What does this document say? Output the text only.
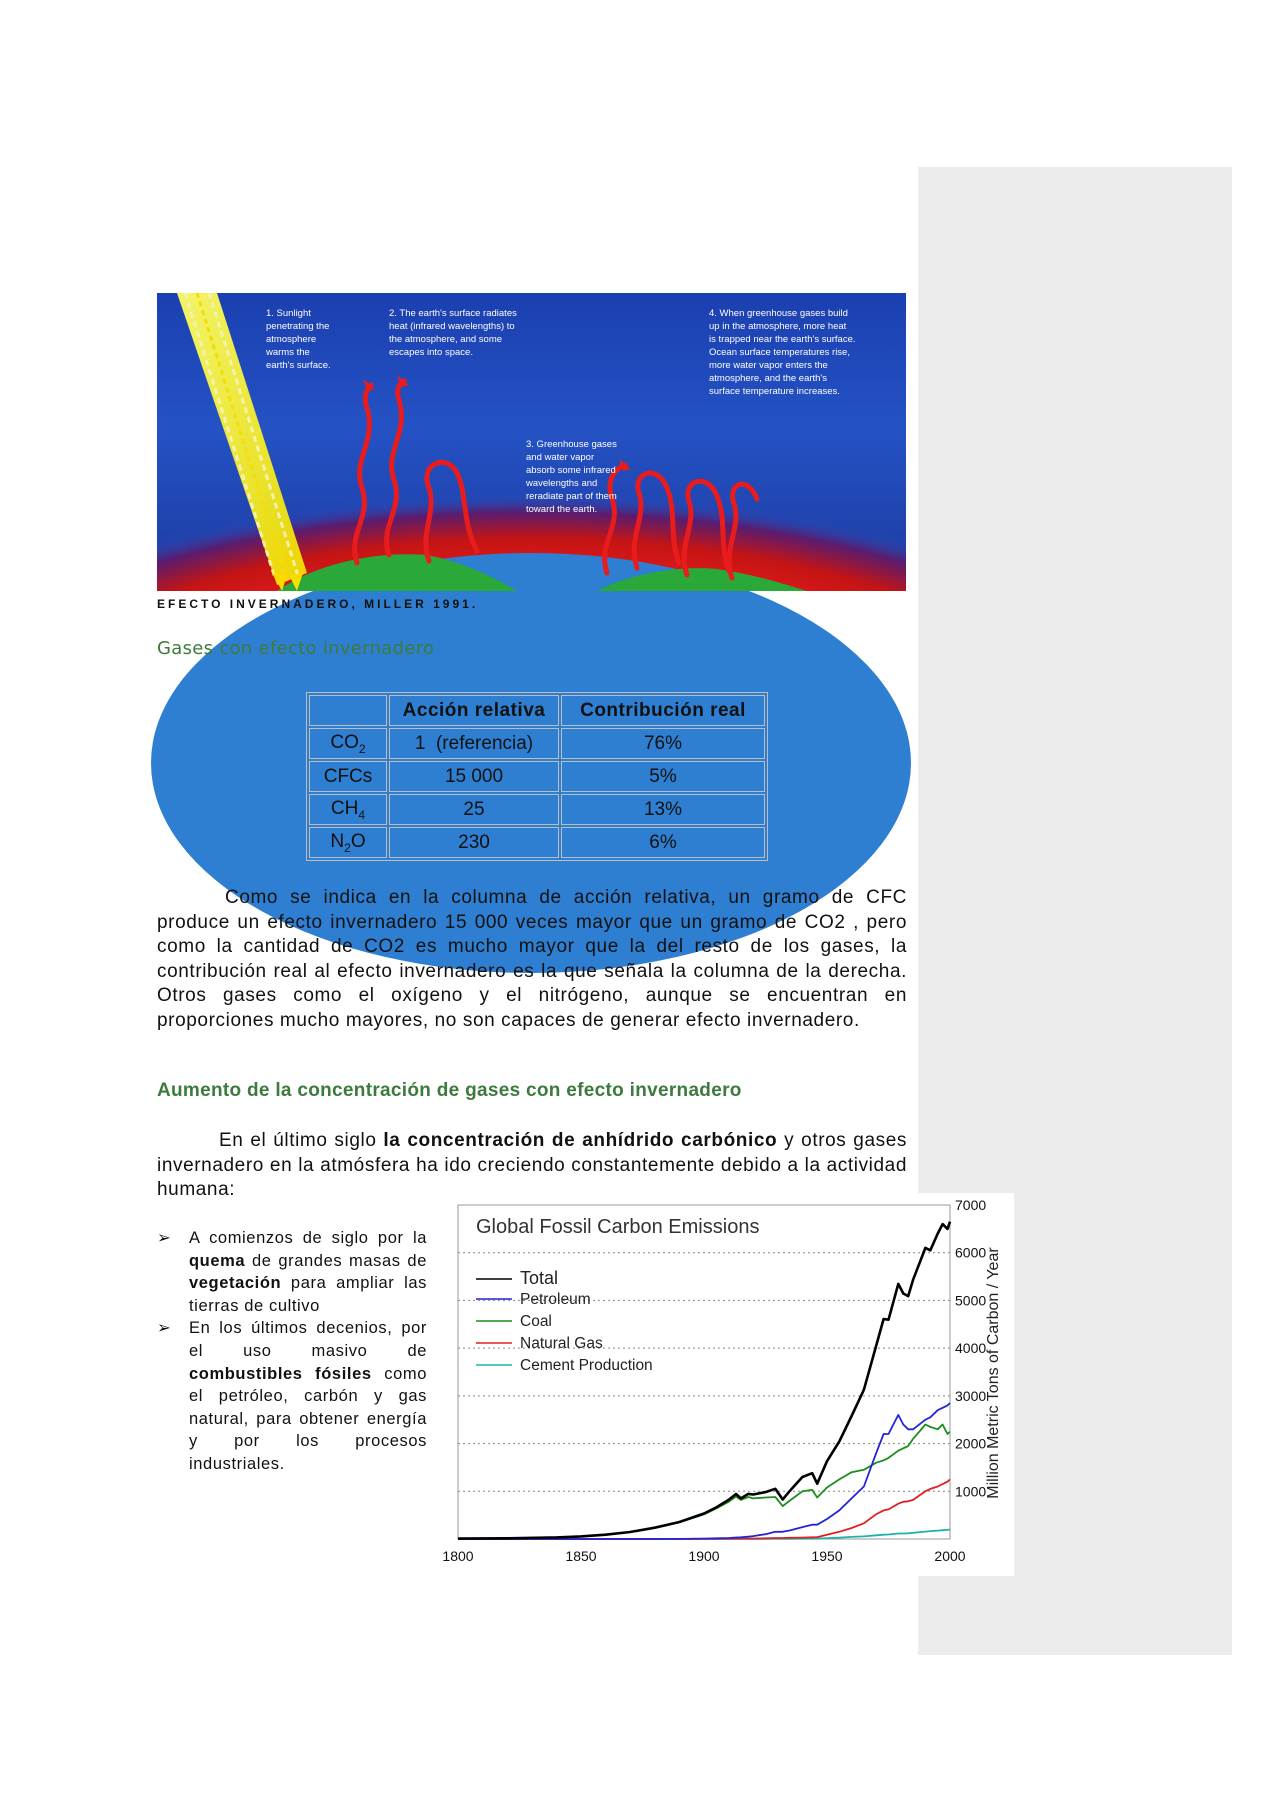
1. Sunlight
penetrating the
atmosphere
warms the
earth's surface.
2. The earth's surface radiates
heat (infrared wavelengths) to
the atmosphere, and some
escapes into space.
3. Greenhouse gases
and water vapor
absorb some infrared
wavelengths and
reradiate part of them
toward the earth.
4. When greenhouse gases build
up in the atmosphere, more heat
is trapped near the earth's surface.
Ocean surface temperatures rise,
more water vapor enters the
atmosphere, and the earth's
surface temperature increases.
EFECTO INVERNADERO, MILLER 1991.
Gases con efecto invernadero
	Acción relativa	Contribución real
$CO_2$	1  (referencia)	76%
CFCs	15 000	5%
$CH_4$	25	13%
$N_2O$	230	6%
Como se indica en la columna de acción relativa, un gramo de CFC produce un efecto invernadero 15 000 veces mayor que un gramo de CO2 , pero como la cantidad de CO2 es mucho mayor que la del resto de los gases, la contribución real al efecto invernadero es la que señala la columna de la derecha. Otros gases como el oxígeno y el nitrógeno, aunque se encuentran en proporciones mucho mayores, no son capaces de generar efecto invernadero.
Aumento de la concentración de gases con efecto invernadero
En el último siglo la concentración de anhídrido carbónico y otros gases invernadero en la atmósfera ha ido creciendo constantemente debido a la actividad humana:
➢ A comienzos de siglo por la quema de grandes masas de vegetación para ampliar las tierras de cultivo
➢ En los últimos decenios, por el uso masivo de combustibles fósiles como el petróleo, carbón y gas natural, para obtener energía y por los procesos industriales.
Global Fossil Carbon Emissions
1000
2000
3000
4000
5000
6000
7000
1800	1850	1900	1950	2000
Total
Petroleum
Coal
Natural Gas
Cement Production	Million Metric Tons of Carbon / Year
